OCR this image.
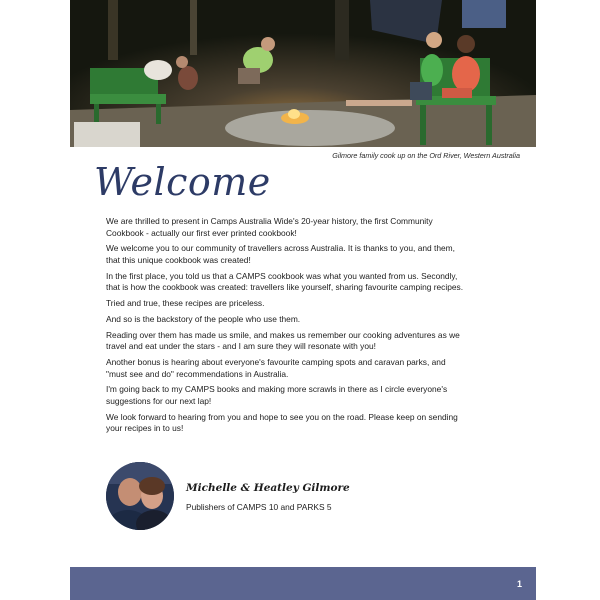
Gilmore family cook up on the Ord River, Western Australia
Welcome

We are thrilled to present in Camps Australia Wide's 20-year history, the first Community Cookbook - actually our first ever printed cookbook!

We welcome you to our community of travellers across Australia. It is thanks to you, and them, that this unique cookbook was created!

In the first place, you told us that a CAMPS cookbook was what you wanted from us. Secondly, that is how the cookbook was created: travellers like yourself, sharing favourite camping recipes.

Tried and true, these recipes are priceless.

And so is the backstory of the people who use them.

Reading over them has made us smile, and makes us remember our cooking adventures as we travel and eat under the stars - and I am sure they will resonate with you!

Another bonus is hearing about everyone's favourite camping spots and caravan parks, and "must see and do" recommendations in Australia.

I'm going back to my CAMPS books and making more scrawls in there as I circle everyone's suggestions for our next lap!

We look forward to hearing from you and hope to see you on the road. Please keep on sending your recipes in to us!

Michelle & Heatley Gilmore
Publishers of CAMPS 10 and PARKS 5
1
